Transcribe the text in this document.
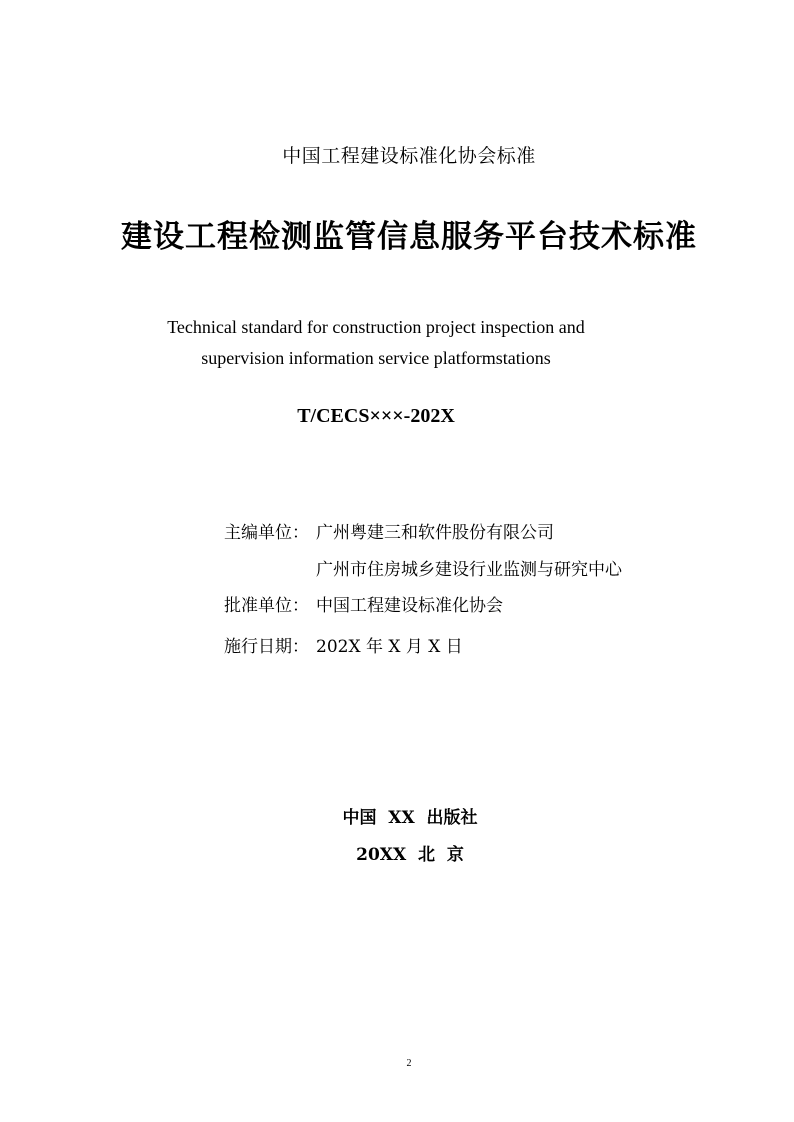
中国工程建设标准化协会标准
建设工程检测监管信息服务平台技术标准
Technical standard for construction project inspection and
supervision information service platformstations
T/CECS×××-202X
主编单位： 广州粤建三和软件股份有限公司
广州市住房城乡建设行业监测与研究中心
批准单位： 中国工程建设标准化协会
施行日期： 202X 年 X 月 X 日
中国  XX  出版社
20XX  北  京
2
